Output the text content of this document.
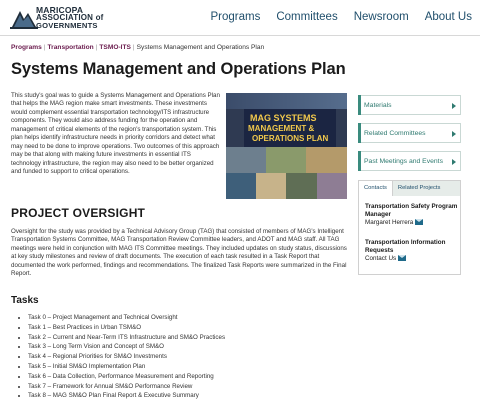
MARICOPA
ASSOCIATION of
GOVERNMENTS
Programs Committees Newsroom About Us
Programs | Transportation | TSMO-ITS | Systems Management and Operations Plan
Systems Management and Operations Plan

This study's goal was to guide a Systems Management and Operations Plan that helps the MAG region make smart investments. These investments would complement essential transportation technology/ITS infrastructure components. They would also address funding for the operation and management of critical elements of the region's transportation system. This plan helps identify infrastructure needs in priority corridors and detect what may need to be done to improve operations. Two outcomes of this approach may be that along with making future investments in essential ITS technology infrastructure, the region may also need to be better organized and funded to support to critical operations.

MAG SYSTEMS
MANAGEMENT &
OPERATIONS PLAN
PROJECT OVERSIGHT

Oversight for the study was provided by a Technical Advisory Group (TAG) that consisted of members of MAG's Intelligent Transportation Systems Committee, MAG Transportation Review Committee leaders, and ADOT and MAG staff. All TAG meetings were held in conjunction with MAG ITS Committee meetings. They included updates on study status, discussions at key study milestones and review of draft documents. The execution of each task resulted in a Task Report that documented the work performed, findings and recommendations. The finalized Task Reports were summarized in the Final Report.

Tasks
• Task 0 – Project Management and Technical Oversight
• Task 1 – Best Practices in Urban TSM&O
• Task 2 – Current and Near-Term ITS Infrastructure and SM&O Practices
• Task 3 – Long Term Vision and Concept of SM&O
• Task 4 – Regional Priorities for SM&O Investments
• Task 5 – Initial SM&O Implementation Plan
• Task 6 – Data Collection, Performance Measurement and Reporting
• Task 7 – Framework for Annual SM&O Performance Review
• Task 8 – MAG SM&O Plan Final Report & Executive Summary
Materials
Related Committees
Past Meetings and Events
Contacts	Related Projects
Transportation Safety Program Manager
Margaret Herrera
Transportation Information Requests
Contact Us
